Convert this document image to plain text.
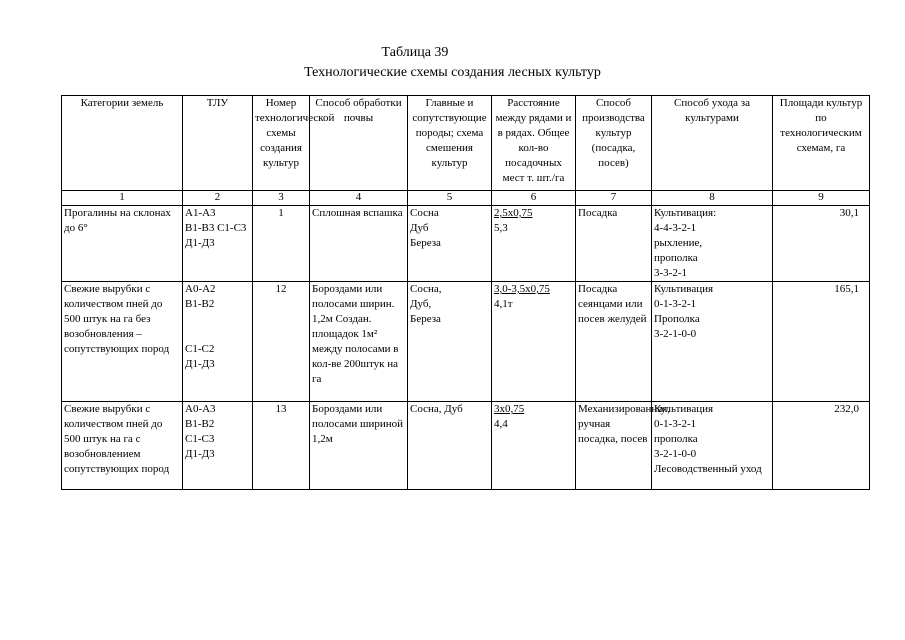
Таблица 39
Технологические схемы создания лесных культур
Категории земель	ТЛУ	Номер технологической схемы создания культур	Способ обработки почвы	Главные и сопутствующие породы; схема смешения культур	Расстояние между рядами и в рядах. Общее кол-во посадочных мест т. шт./га	Способ производства культур (посадка, посев)	Способ ухода за культурами	Площади культур по технологическим схемам, га
1	2	3	4	5	6	7	8	9
Прогалины на склонах до 6°	А1-А3
В1-В3 С1-С3
Д1-Д3	1	Сплошная вспашка	Сосна
Дуб
Береза	2,5х0,75
5,3	Посадка	Культивация:
4-4-3-2-1
рыхление,
прополка
3-3-2-1	30,1
Свежие вырубки с количеством пней до 500 штук на га без возобновления – сопутствующих пород	А0-А2
В1-В2
С1-С2
Д1-Д3	12	Бороздами или полосами ширин. 1,2м Создан. площадок 1м² между полосами в кол-ве 200штук на га	Сосна,
Дуб,
Береза	3,0-3,5х0,75
4,1т	Посадка сеянцами или посев желудей	Культивация
0-1-3-2-1
Прополка
3-2-1-0-0	165,1
Свежие вырубки с количеством пней до 500 штук на га с возобновлением сопутствующих пород	А0-А3
В1-В2
С1-С3
Д1-Д3	13	Бороздами или полосами шириной 1,2м	Сосна, Дуб	3х0,75
4,4	Механизированная, ручная посадка, посев	Культивация
0-1-3-2-1
прополка
3-2-1-0-0
Лесоводственный уход	232,0
